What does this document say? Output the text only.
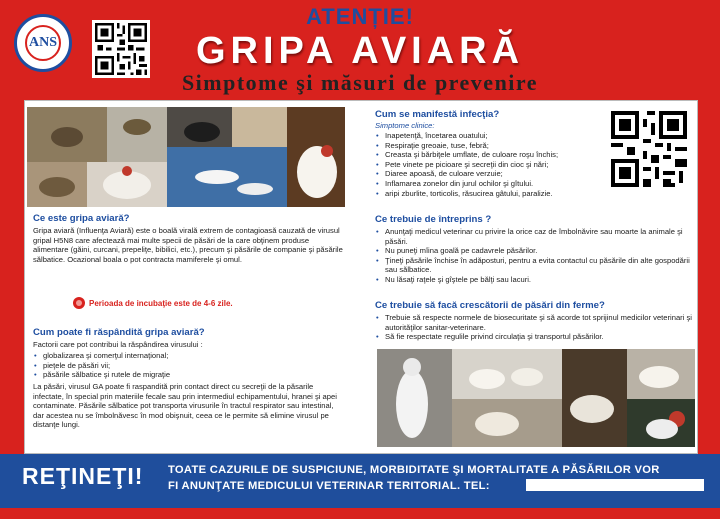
ANS
ATENȚIE!
GRIPA AVIARĂ
Simptome şi măsuri de prevenire

Ce este gripa aviară?

Gripa aviară (Influenţa Aviară) este o boală virală extrem de contagioasă cauzată de virusul gripal H5N8 care afecteazǎ mai multe specii de păsări de la care obţinem produse alimentare (găini, curcani, prepeliţe, bibilici, etc.), precum şi păsările de companie şi păsările sălbatice. Ocazional boala o pot contracta mamiferele şi omul.

Perioada de incubaţie este de 4-6 zile.

Cum poate fi răspândită gripa aviară?

Factorii care pot contribui la răspândirea virusului :

• globalizarea şi comerţul internaţional;
• pieţele de păsări vii;
• păsările sălbatice şi rutele de migraţie

La păsări, virusul GA poate fi raspandită prin contact direct cu secreţii de la păsarile infectate, în special prin materiile fecale sau prin intermediul echipamentului, hranei şi apei contaminate. Păsările sălbatice pot transporta virusurile în tractul respirator sau intestinal, dar acestea nu se îmbolnăvesc în mod obişnuit, ceea ce le permite să elimine virusul pe distanţe lungi.

Cum se manifestă infecţia?

Simptome clinice:
• Inapetenţă, încetarea ouatului;
• Respiraţie greoaie, tuse, febră;
• Creasta şi bărbiţele umflate, de culoare roşu închis;
• Pete vinete pe picioare şi secreţii din cioc şi nări;
• Diaree apoasă, de culoare verzuie;
• Inflamarea zonelor din jurul ochilor şi gîtului.
• aripi zburlite, torticolis, răsucirea gâtului, paralizie.

Ce trebuie de întreprins ?

• Anunţaţi medicul veterinar cu privire la orice caz de îmbolnăvire sau moarte la animale şi păsări.
• Nu puneţi mîina goală pe cadavrele păsărilor.
• Ţineţi păsările închise în adăposturi, pentru a evita contactul cu păsările din alte gospodării sau sălbatice.
• Nu lăsaţi raţele şi gîştele pe bălţi sau lacuri.

Ce trebuie să facă crescătorii de păsări din ferme?

• Trebuie să respecte normele de biosecuritate şi să acorde tot sprijinul medicilor veterinari şi autorităţilor sanitar-veterinare.
• Să fie respectate regulile privind circulaţia şi transportul păsărilor.
REŢINEŢI! TOATE CAZURILE DE SUSPICIUNE, MORBIDITATE ŞI MORTALITATE A PĂSĂRILOR VOR
FI ANUNŢATE MEDICULUI VETERINAR TERITORIAL. TEL:
